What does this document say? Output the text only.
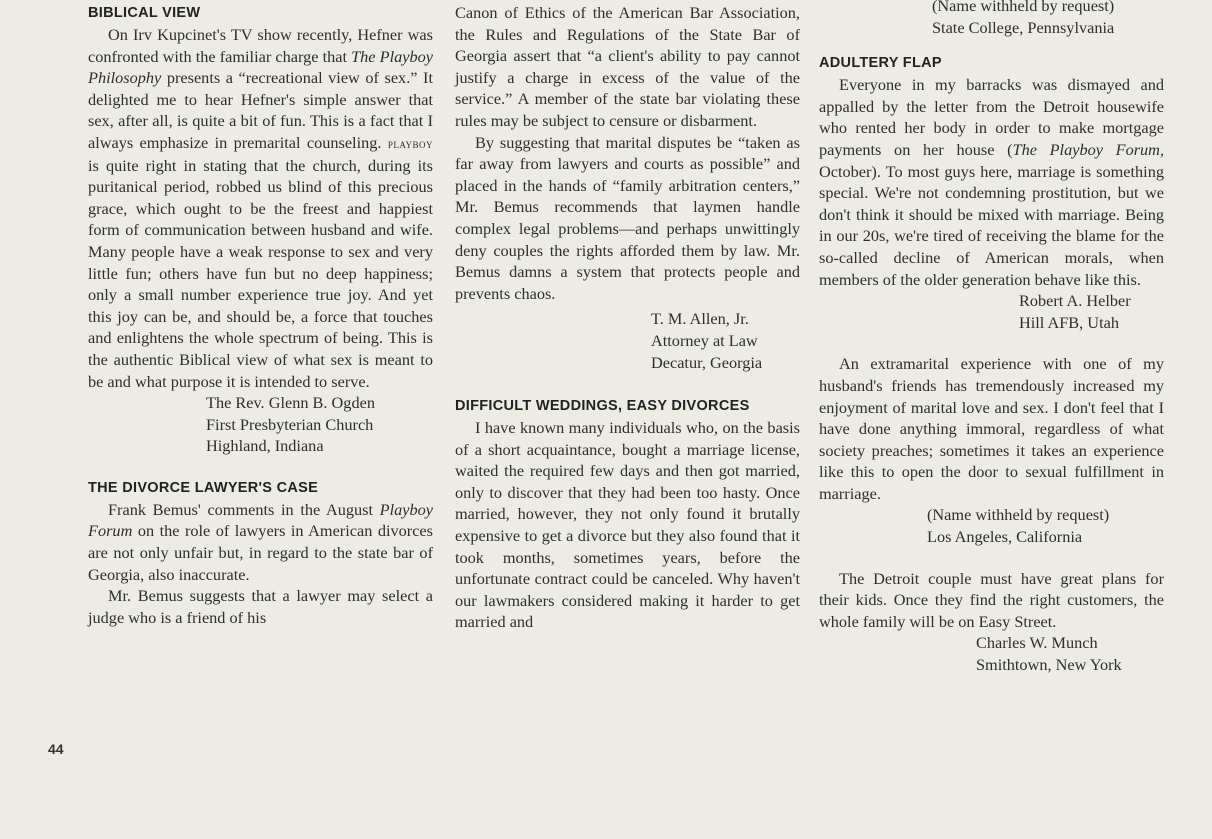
BIBLICAL VIEW

On Irv Kupcinet's TV show recently, Hefner was confronted with the familiar charge that The Playboy Philosophy presents a “recreational view of sex.” It delighted me to hear Hefner's simple answer that sex, after all, is quite a bit of fun. This is a fact that I always emphasize in premarital counseling. playboy is quite right in stating that the church, during its puritanical period, robbed us blind of this precious grace, which ought to be the freest and happiest form of communication between husband and wife. Many people have a weak response to sex and very little fun; others have fun but no deep happiness; only a small number experience true joy. And yet this joy can be, and should be, a force that touches and enlightens the whole spectrum of being. This is the authentic Biblical view of what sex is meant to be and what purpose it is intended to serve.

The Rev. Glenn B. Ogden
First Presbyterian Church
Highland, Indiana
THE DIVORCE LAWYER'S CASE

Frank Bemus' comments in the August Playboy Forum on the role of lawyers in American divorces are not only unfair but, in regard to the state bar of Georgia, also inaccurate.

Mr. Bemus suggests that a lawyer may select a judge who is a friend of his

Canon of Ethics of the American Bar Association, the Rules and Regulations of the State Bar of Georgia assert that “a client's ability to pay cannot justify a charge in excess of the value of the service.” A member of the state bar violating these rules may be subject to censure or disbarment.

By suggesting that marital disputes be “taken as far away from lawyers and courts as possible” and placed in the hands of “family arbitration centers,” Mr. Bemus recommends that laymen handle complex legal problems—and perhaps unwittingly deny couples the rights afforded them by law. Mr. Bemus damns a system that protects people and prevents chaos.

T. M. Allen, Jr.
Attorney at Law
Decatur, Georgia
DIFFICULT WEDDINGS, EASY DIVORCES

I have known many individuals who, on the basis of a short acquaintance, bought a marriage license, waited the required few days and then got married, only to discover that they had been too hasty. Once married, however, they not only found it brutally expensive to get a divorce but they also found that it took months, sometimes years, before the unfortunate contract could be canceled. Why haven't our lawmakers considered making it harder to get married and

(Name withheld by request)
State College, Pennsylvania
ADULTERY FLAP

Everyone in my barracks was dismayed and appalled by the letter from the Detroit housewife who rented her body in order to make mortgage payments on her house (The Playboy Forum, October). To most guys here, marriage is something special. We're not condemning prostitution, but we don't think it should be mixed with marriage. Being in our 20s, we're tired of receiving the blame for the so-called decline of American morals, when members of the older generation behave like this.

Robert A. Helber
Hill AFB, Utah

An extramarital experience with one of my husband's friends has tremendously increased my enjoyment of marital love and sex. I don't feel that I have done anything immoral, regardless of what society preaches; sometimes it takes an experience like this to open the door to sexual fulfillment in marriage.

(Name withheld by request)
Los Angeles, California

The Detroit couple must have great plans for their kids. Once they find the right customers, the whole family will be on Easy Street.

Charles W. Munch
Smithtown, New York
44
